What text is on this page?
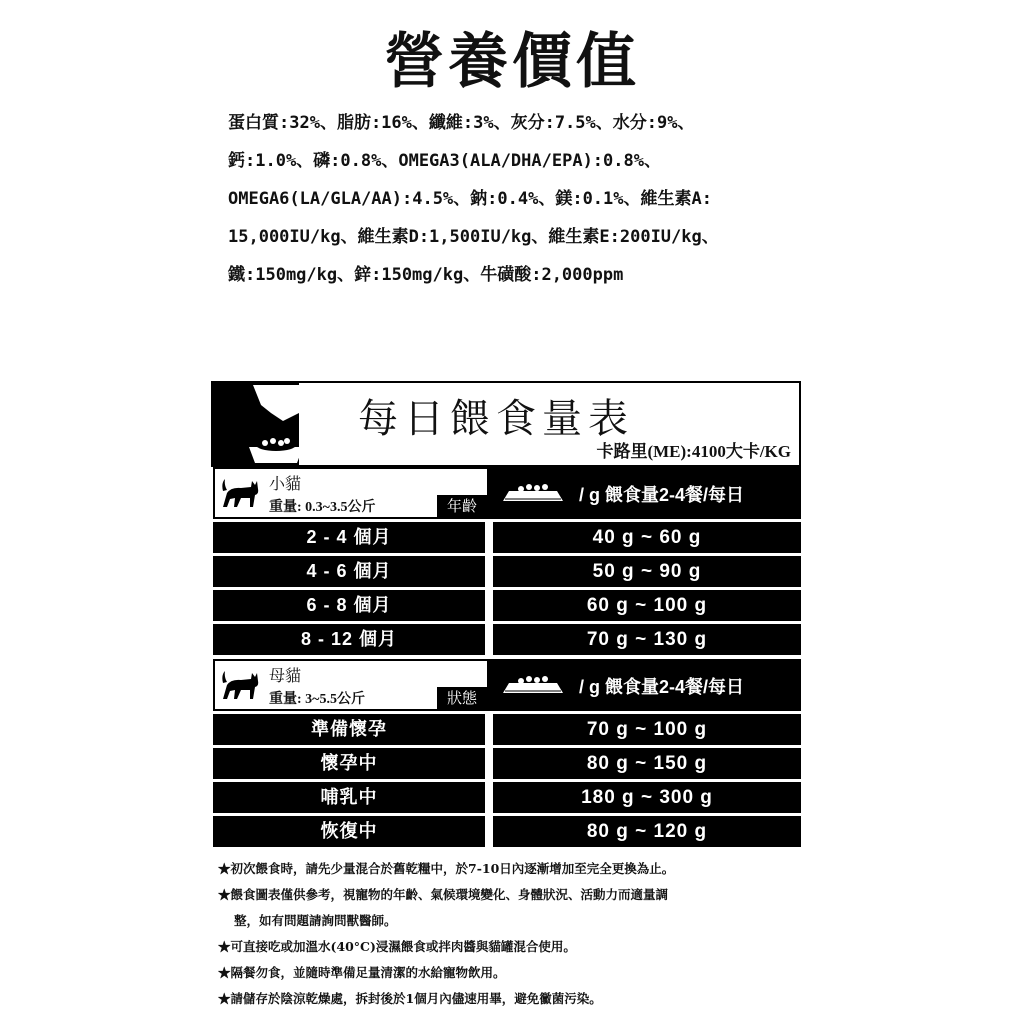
營養價值
蛋白質:32%、脂肪:16%、纖維:3%、灰分:7.5%、水分:9%、
鈣:1.0%、磷:0.8%、OMEGA3(ALA/DHA/EPA):0.8%、
OMEGA6(LA/GLA/AA):4.5%、鈉:0.4%、鎂:0.1%、維生素A:
15,000IU/kg、維生素D:1,500IU/kg、維生素E:200IU/kg、
鐵:150mg/kg、鋅:150mg/kg、牛磺酸:2,000ppm
每日餵食量表
卡路里(ME):4100大卡/KG
小貓
重量: 0.3~3.5公斤	年齡
/ g 餵食量2-4餐/每日
2 - 4 個月	40 g ~ 60 g
4 - 6 個月	50 g ~ 90 g
6 - 8 個月	60 g ~ 100 g
8 - 12 個月	70 g ~ 130 g
母貓
重量: 3~5.5公斤	狀態
/ g 餵食量2-4餐/每日
準備懷孕	70 g ~ 100 g
懷孕中	80 g ~ 150 g
哺乳中	180 g ~ 300 g
恢復中	80 g ~ 120 g
★初次餵食時，請先少量混合於舊乾糧中，於7-10日內逐漸增加至完全更換為止。
★餵食圖表僅供參考，視寵物的年齡、氣候環境變化、身體狀況、活動力而適量調
整，如有問題請詢問獸醫師。
★可直接吃或加溫水(40°C)浸濕餵食或拌肉醬與貓罐混合使用。
★隔餐勿食，並隨時準備足量清潔的水給寵物飲用。
★請儲存於陰涼乾燥處，拆封後於1個月內儘速用畢，避免黴菌污染。
